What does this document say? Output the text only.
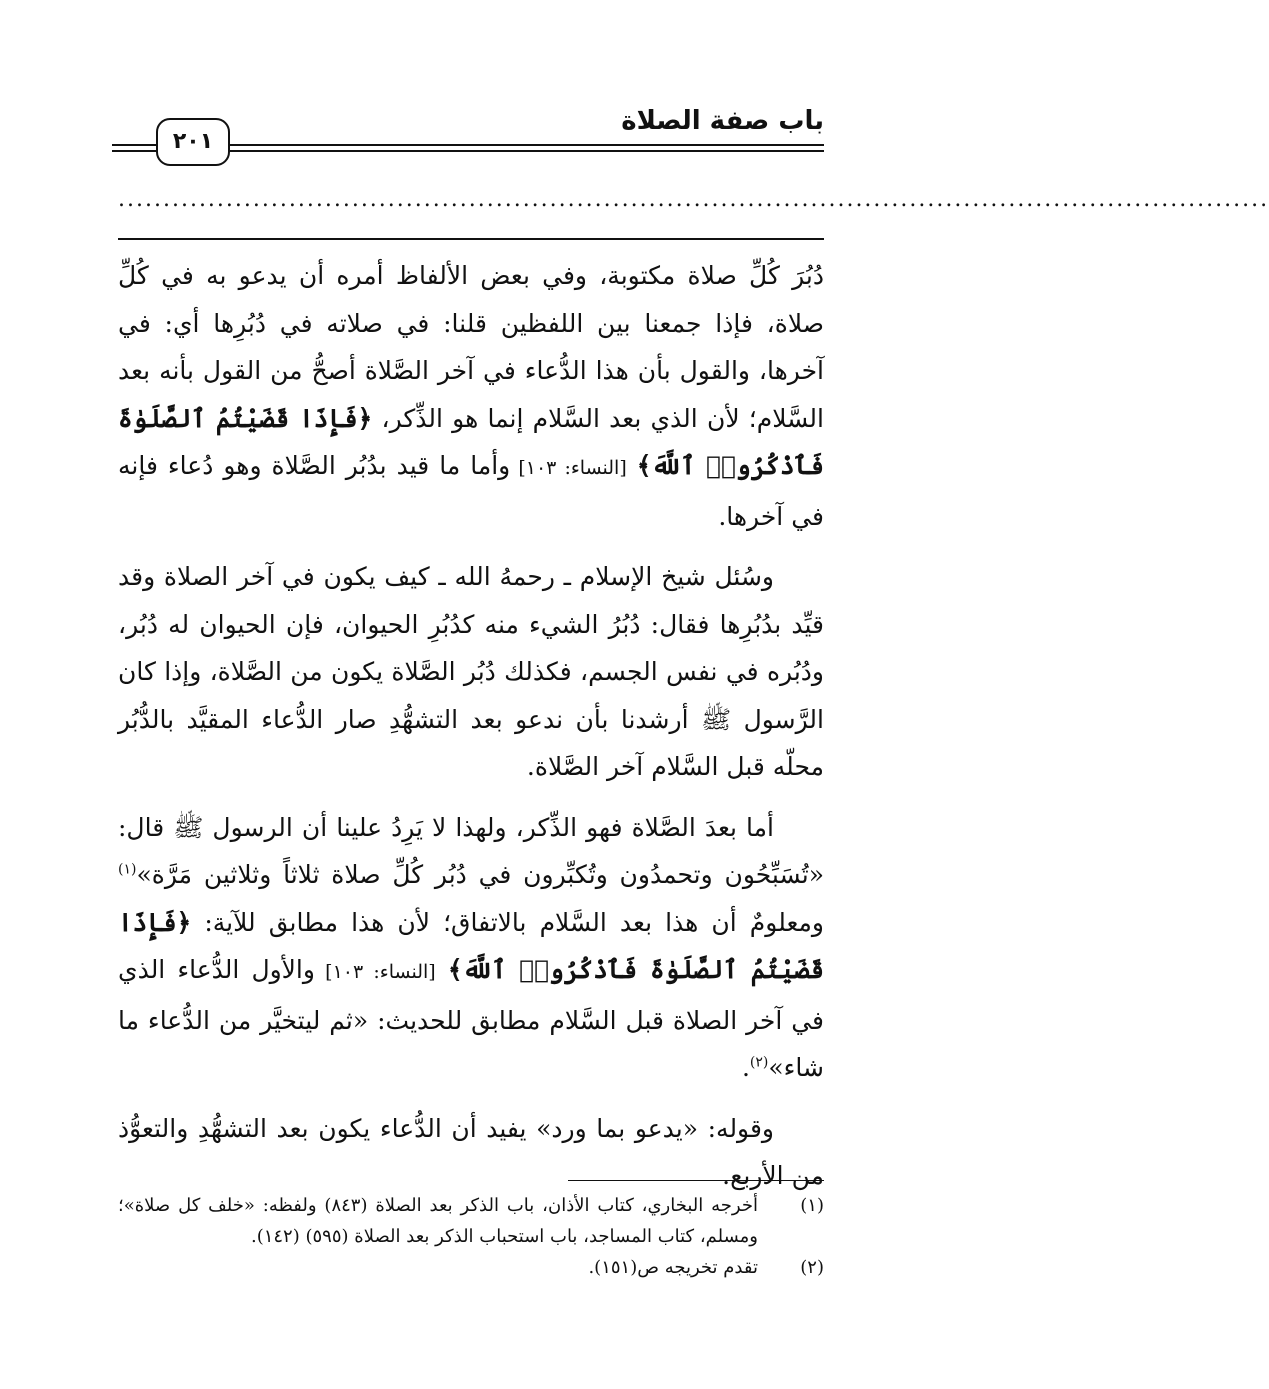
٢٠١
باب صفة الصلاة
................................................................................................................................

دُبُرَ كُلِّ صلاة مكتوبة، وفي بعض الألفاظ أمره أن يدعو به في كُلِّ صلاة، فإذا جمعنا بين اللفظين قلنا: في صلاته في دُبُرِها أي: في آخرها، والقول بأن هذا الدُّعاء في آخر الصَّلاة أصحُّ من القول بأنه بعد السَّلام؛ لأن الذي بعد السَّلام إنما هو الذِّكر، ﴿فَإِذَا قَضَيْتُمُ ٱلصَّلَوٰةَ فَٱذْكُرُوا۟ ٱللَّهَ﴾ [النساء: ١٠٣] وأما ما قيد بدُبُر الصَّلاة وهو دُعاء فإنه في آخرها.

وسُئل شيخ الإسلام ـ رحمهُ الله ـ كيف يكون في آخر الصلاة وقد قيِّد بدُبُرِها فقال: دُبُرُ الشيء منه كدُبُرِ الحيوان، فإن الحيوان له دُبُر، ودُبُره في نفس الجسم، فكذلك دُبُر الصَّلاة يكون من الصَّلاة، وإذا كان الرَّسول ﷺ أرشدنا بأن ندعو بعد التشهُّدِ صار الدُّعاء المقيَّد بالدُّبُر محلّه قبل السَّلام آخر الصَّلاة.

أما بعدَ الصَّلاة فهو الذِّكر، ولهذا لا يَرِدُ علينا أن الرسول ﷺ قال: «تُسَبِّحُون وتحمدُون وتُكبِّرون في دُبُر كُلِّ صلاة ثلاثاً وثلاثين مَرَّة»$^{(١)}$ ومعلومٌ أن هذا بعد السَّلام بالاتفاق؛ لأن هذا مطابق للآية: ﴿فَإِذَا قَضَيْتُمُ ٱلصَّلَوٰةَ فَٱذْكُرُوا۟ ٱللَّهَ﴾ [النساء: ١٠٣] والأول الدُّعاء الذي في آخر الصلاة قبل السَّلام مطابق للحديث: «ثم ليتخيَّر من الدُّعاء ما شاء»$^{(٢)}$.

وقوله: «يدعو بما ورد» يفيد أن الدُّعاء يكون بعد التشهُّدِ والتعوُّذ من الأربع.

(١)
أخرجه البخاري، كتاب الأذان، باب الذكر بعد الصلاة (٨٤٣) ولفظه: «خلف كل صلاة»؛ ومسلم، كتاب المساجد، باب استحباب الذكر بعد الصلاة (٥٩٥) (١٤٢).
(٢)
تقدم تخريجه ص(١٥١).
